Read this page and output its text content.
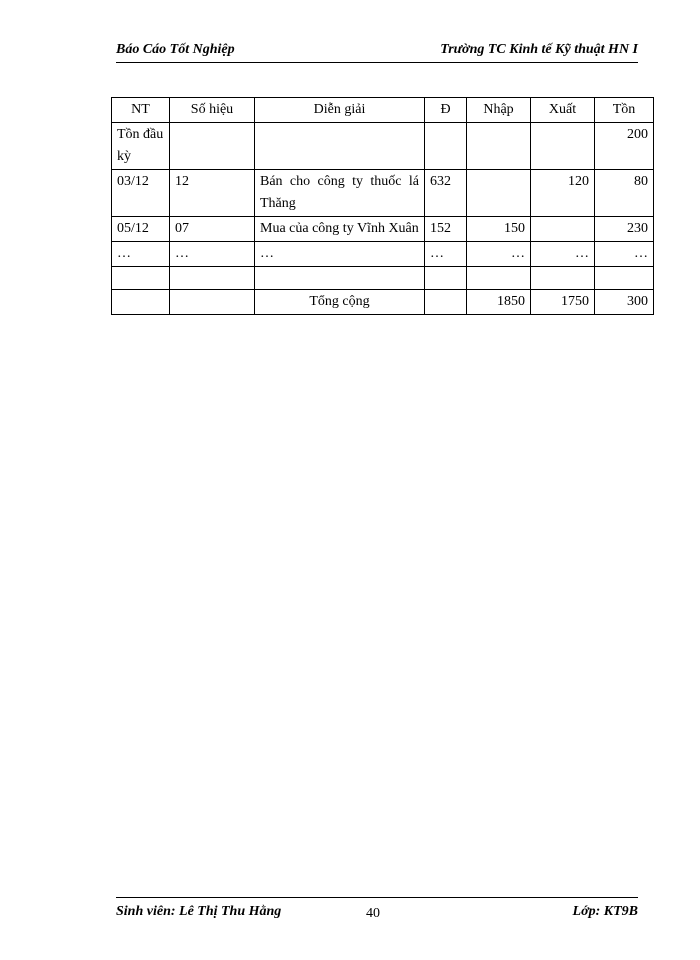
Báo Cáo Tốt Nghiệp	Trường TC Kinh tế Kỹ thuật HN I
NT	Số hiệu	Diễn giải	Đ	Nhập	Xuất	Tồn
Tồn đầu kỳ						200
03/12	12	Bán cho công ty thuốc lá Thăng	632		120	80
05/12	07	Mua của công ty Vĩnh Xuân	152	150		230
…	…	…	…	…	…	…

		Tổng cộng		1850	1750	300
Sinh viên: Lê Thị Thu Hằng	40	Lớp: KT9B
